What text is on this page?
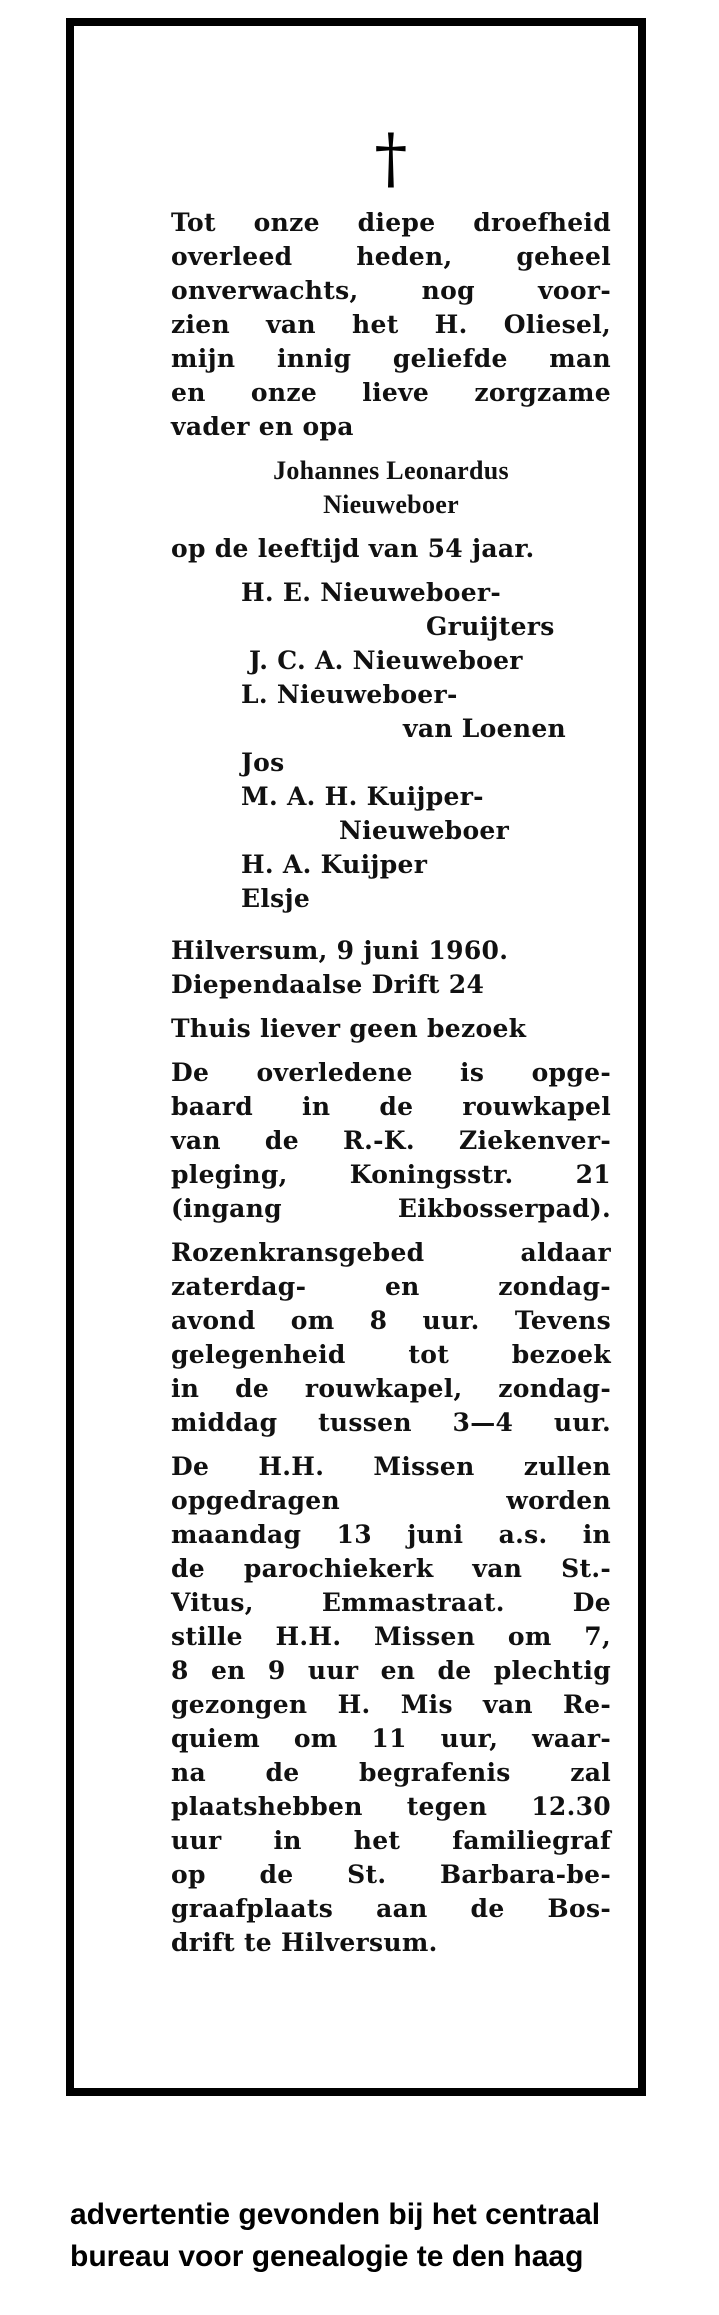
†

Tot onze diepe droefheid

overleed heden, geheel

onverwachts, nog voor-

zien van het H. Oliesel,

mijn innig geliefde man

en onze lieve zorgzame

vader en opa

Johannes Leonardus

Nieuweboer

op de leeftijd van 54 jaar.

H. E. Nieuweboer-

Gruijters

J. C. A. Nieuweboer

L. Nieuweboer-

van Loenen

Jos

M. A. H. Kuijper-

Nieuweboer

H. A. Kuijper

Elsje

Hilversum, 9 juni 1960.

Diependaalse Drift 24

Thuis liever geen bezoek

De overledene is opge-

baard in de rouwkapel

van de R.-K. Ziekenver-

pleging, Koningsstr. 21

(ingang Eikbosserpad).

Rozenkransgebed aldaar

zaterdag- en zondag-

avond om 8 uur. Tevens

gelegenheid tot bezoek

in de rouwkapel, zondag-

middag tussen 3—4 uur.

De H.H. Missen zullen

opgedragen worden

maandag 13 juni a.s. in

de parochiekerk van St.-

Vitus, Emmastraat. De

stille H.H. Missen om 7,

8 en 9 uur en de plechtig

gezongen H. Mis van Re-

quiem om 11 uur, waar-

na de begrafenis zal

plaatshebben tegen 12.30

uur in het familiegraf

op de St. Barbara-be-

graafplaats aan de Bos-

drift te Hilversum.

advertentie gevonden bij het centraal
bureau voor genealogie te den haag
